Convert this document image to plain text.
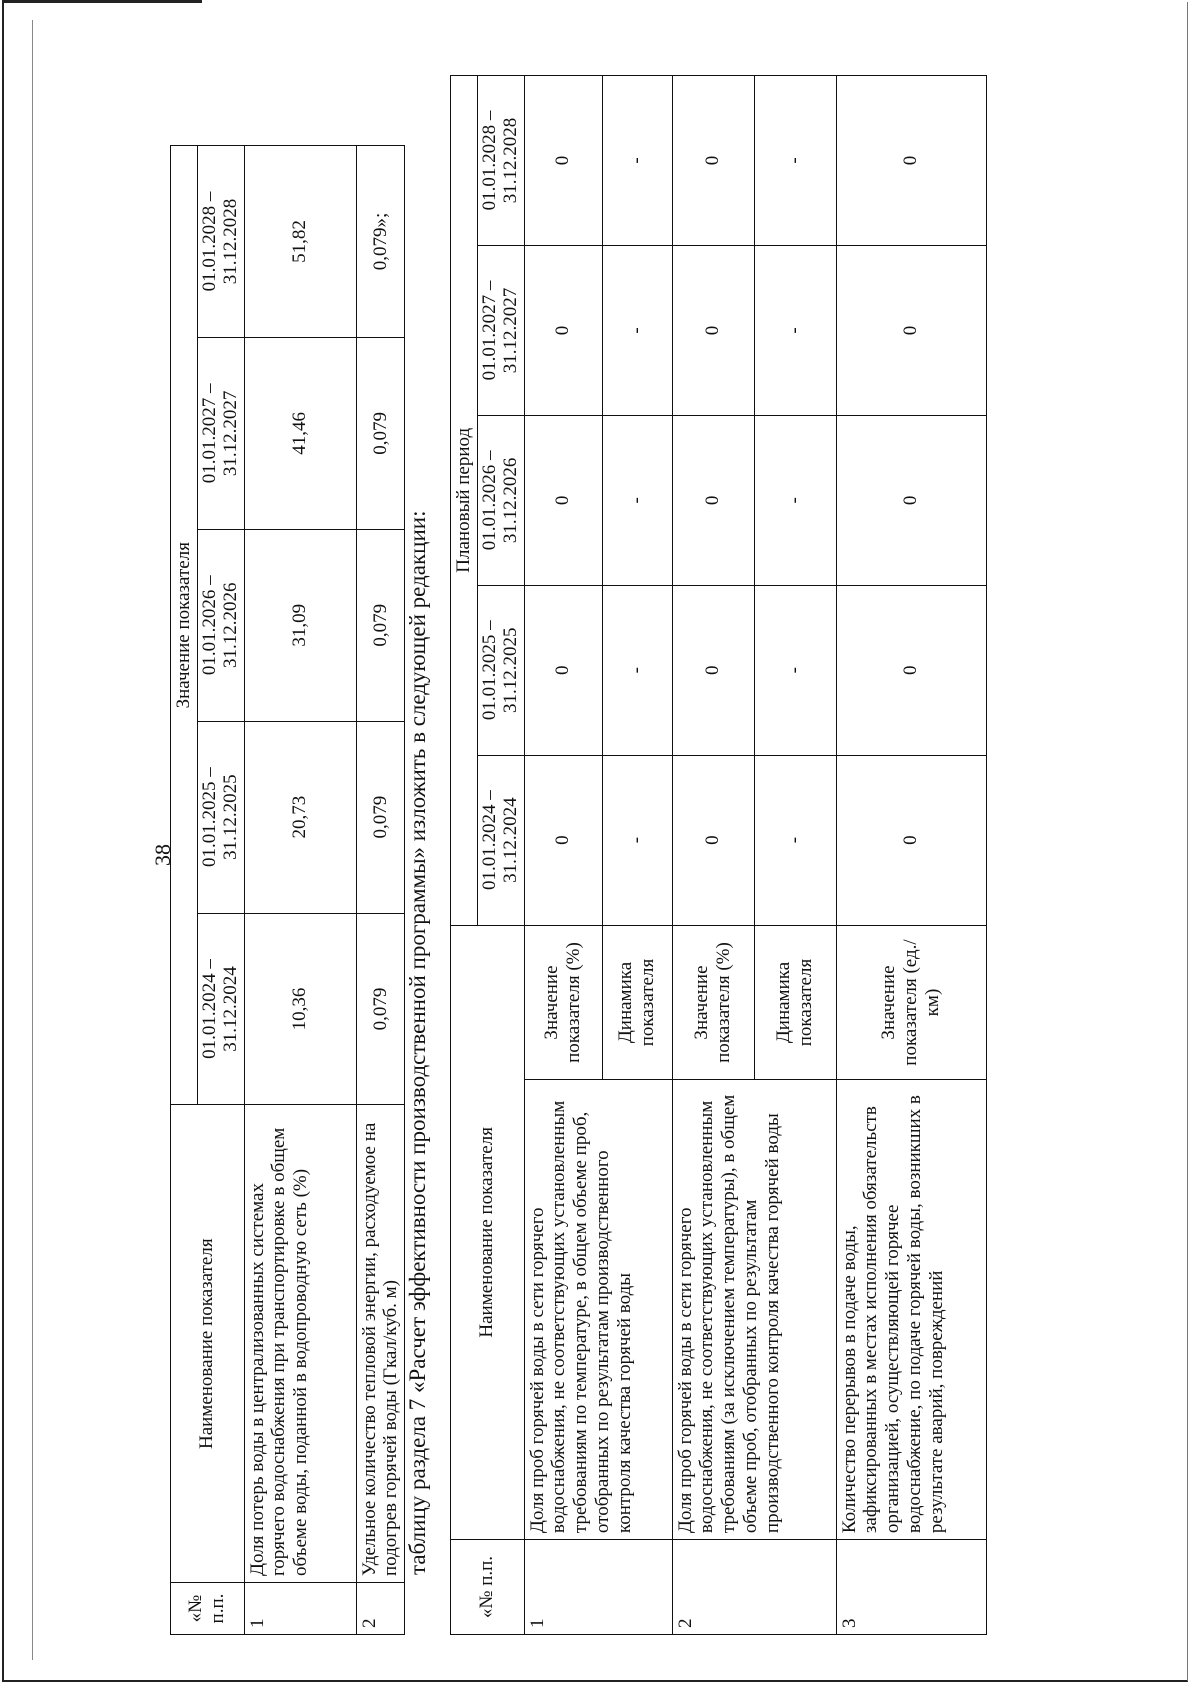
38
«№ п.п.	Наименование показателя	Значение показателя				
		01.01.2024 – 31.12.2024	01.01.2025 – 31.12.2025	01.01.2026 – 31.12.2026	01.01.2027 – 31.12.2027	01.01.2028 – 31.12.2028
1	Доля потерь воды в централизованных системах горячего водоснабжения при транспортировке в общем объеме воды, поданной в водопроводную сеть (%)	10,36	20,73	31,09	41,46	51,82
2	Удельное количество тепловой энергии, расходуемое на подогрев горячей воды (Гкал/куб. м)	0,079	0,079	0,079	0,079	0,079»;
таблицу раздела 7 «Расчет эффективности производственной программы» изложить в следующей редакции:
«№ п.п.	Наименование показателя		Плановый период				
			01.01.2024 – 31.12.2024	01.01.2025 – 31.12.2025	01.01.2026 – 31.12.2026	01.01.2027 – 31.12.2027	01.01.2028 – 31.12.2028
1	Доля проб горячей воды в сети горячего водоснабжения, не соответствующих установленным требованиям по температуре, в общем объеме проб, отобранных по результатам производственного контроля качества горячей воды	Значение показателя (%)	0	0	0	0	0
		Динамика показателя	-	-	-	-	-
2	Доля проб горячей воды в сети горячего водоснабжения, не соответствующих установленным требованиям (за исключением температуры), в общем объеме проб, отобранных по результатам производственного контроля качества горячей воды	Значение показателя (%)	0	0	0	0	0
		Динамика показателя	-	-	-	-	-
3	Количество перерывов в подаче воды, зафиксированных в местах исполнения обязательств организацией, осуществляющей горячее водоснабжение, по подаче горячей воды, возникших в результате аварий, повреждений	Значение показателя (ед./км)	0	0	0	0	0
